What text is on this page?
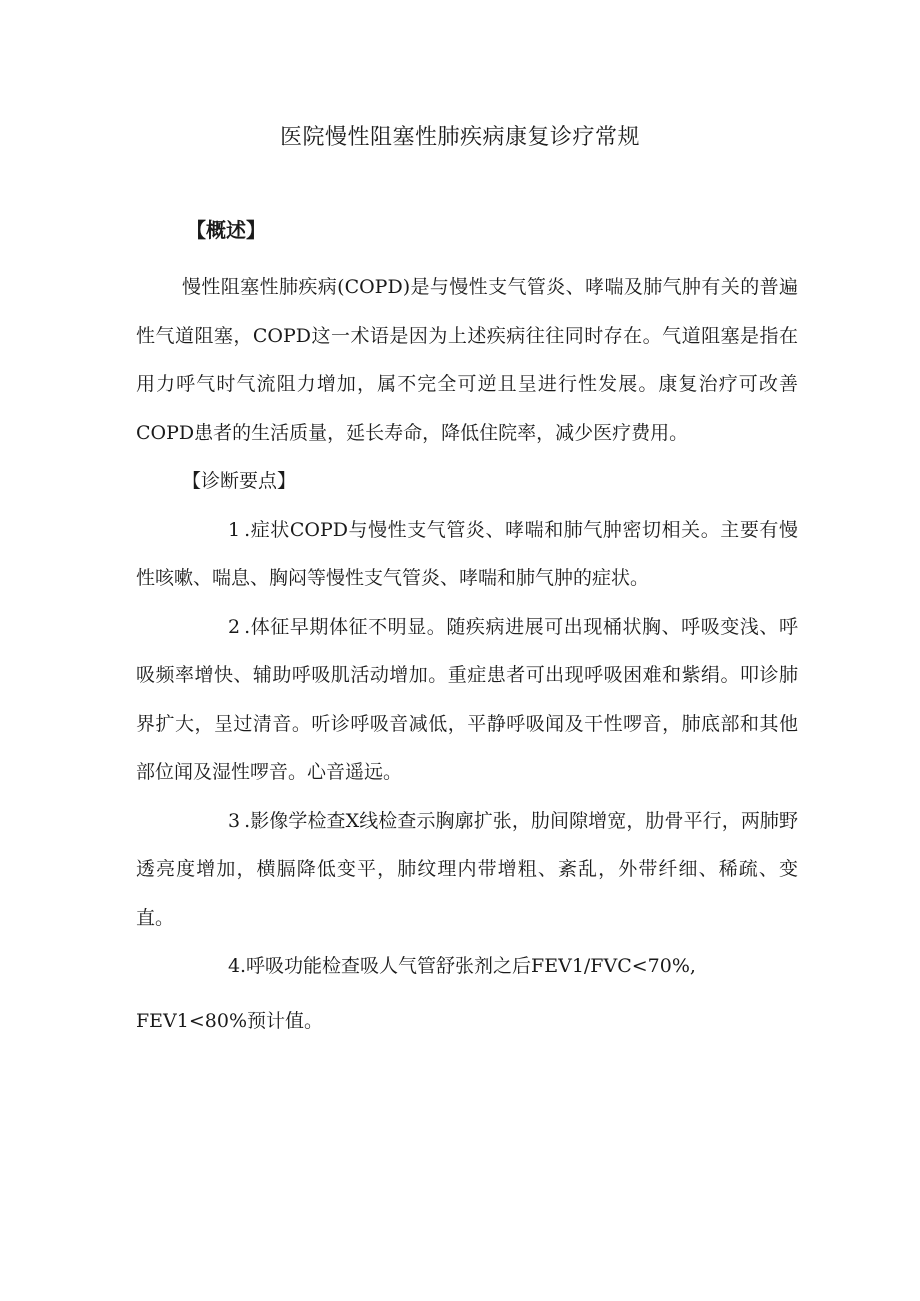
医院慢性阻塞性肺疾病康复诊疗常规
【概述】

慢性阻塞性肺疾病(COPD)是与慢性支气管炎、哮喘及肺气肿有关的普遍性气道阻塞，COPD这一术语是因为上述疾病往往同时存在。气道阻塞是指在用力呼气时气流阻力增加，属不完全可逆且呈进行性发展。康复治疗可改善COPD患者的生活质量，延长寿命，降低住院率，减少医疗费用。

【诊断要点】

1 .症状COPD与慢性支气管炎、哮喘和肺气肿密切相关。主要有慢性咳嗽、喘息、胸闷等慢性支气管炎、哮喘和肺气肿的症状。

2 .体征早期体征不明显。随疾病进展可出现桶状胸、呼吸变浅、呼吸频率增快、辅助呼吸肌活动增加。重症患者可出现呼吸困难和紫绢。叩诊肺界扩大，呈过清音。听诊呼吸音减低，平静呼吸闻及干性啰音，肺底部和其他部位闻及湿性啰音。心音遥远。

3 .影像学检查X线检查示胸廓扩张，肋间隙增宽，肋骨平行，两肺野透亮度增加，横膈降低变平，肺纹理内带增粗、紊乱，外带纤细、稀疏、变直。

4.呼吸功能检查吸人气管舒张剂之后FEV1/FVC<70%,

FEV1<80%预计值。
